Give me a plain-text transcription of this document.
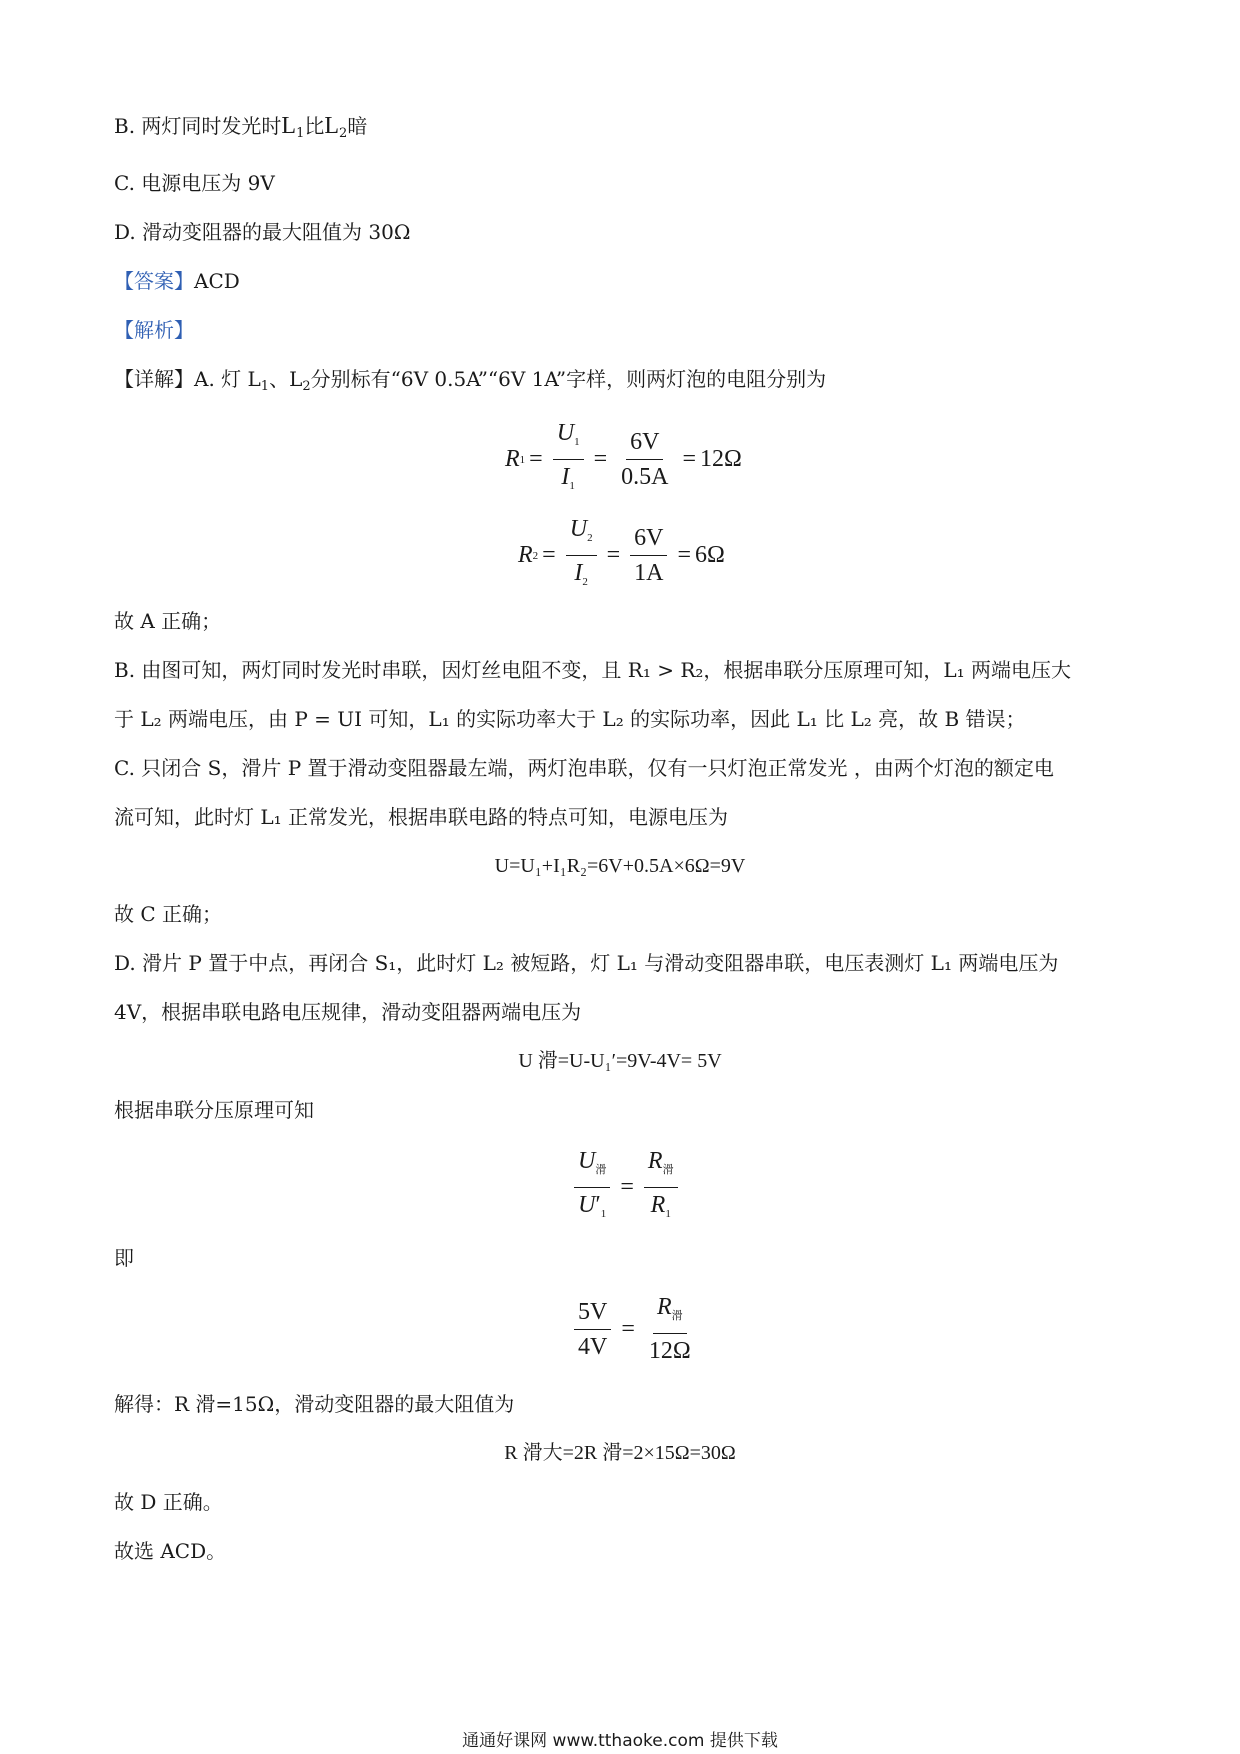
B. 两灯同时发光时$L_1$比$L_2$暗
C. 电源电压为 9V
D. 滑动变阻器的最大阻值为 30Ω
【答案】ACD
【解析】
【详解】A. 灯 $L_1$、$L_2$分别标有“6V 0.5A”“6V 1A”字样，则两灯泡的电阻分别为
R $1 = \frac{U_1}{I_1} = \frac{6V}{0.5A} = 12\Omega$
R $2 = \frac{U_2}{I_2} = \frac{6V}{1A} = 6\Omega$
故 A 正确；
B. 由图可知，两灯同时发光时串联，因灯丝电阻不变，且 R₁ > R₂，根据串联分压原理可知，L₁ 两端电压大
于 L₂ 两端电压，由 P = UI 可知，L₁ 的实际功率大于 L₂ 的实际功率，因此 L₁ 比 L₂ 亮，故 B 错误；
C. 只闭合 S，滑片 P 置于滑动变阻器最左端，两灯泡串联，仅有一只灯泡正常发光 ，由两个灯泡的额定电
流可知，此时灯 L₁ 正常发光，根据串联电路的特点可知，电源电压为
U=U₁+I₁R₂=6V+0.5A×6Ω=9V
故 C 正确；
D. 滑片 P 置于中点，再闭合 S₁，此时灯 L₂ 被短路，灯 L₁ 与滑动变阻器串联，电压表测灯 L₁ 两端电压为
4V，根据串联电路电压规律，滑动变阻器两端电压为
U 滑=U-U₁′=9V-4V= 5V
根据串联分压原理可知
$\frac{U_滑}{U'_1} = \frac{R_滑}{R_1}$
即
$\frac{5V}{4V} = \frac{R_滑}{12\Omega}$
解得：R 滑=15Ω，滑动变阻器的最大阻值为
R 滑大=2R 滑=2×15Ω=30Ω
故 D 正确。
故选 ACD。
通通好课网 www.tthaoke.com 提供下载
